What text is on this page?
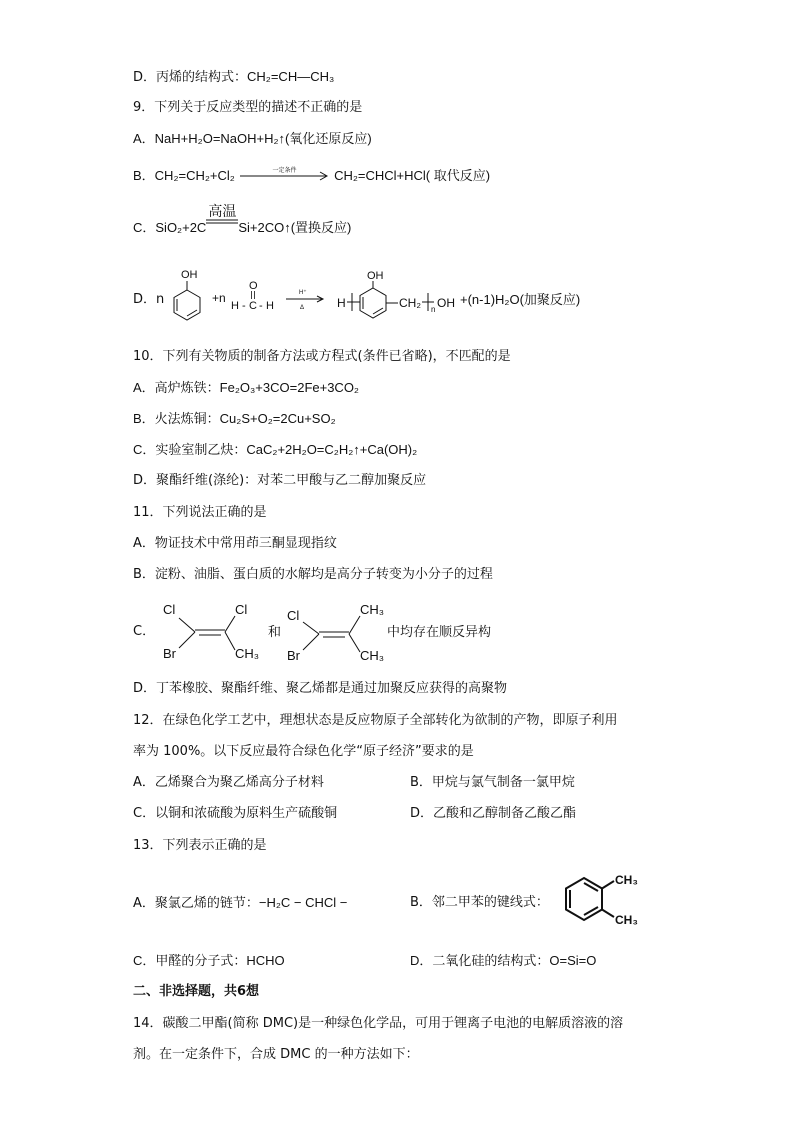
D．丙烯的结构式：CH₂=CH—CH₃
9．下列关于反应类型的描述不正确的是
A．NaH+H₂O=NaOH+H₂↑(氧化还原反应)
B．CH₂=CH₂+Cl₂	一定条件	CH₂=CHCl+HCl( 取代反应)
C．SiO₂+2C
高温
Si+2CO↑(置换反应)
D．n
OH
+n
H - C - H
O
H⁺
Δ	H
OH
CH₂ n OH +(n-1)H₂O(加聚反应)
10．下列有关物质的制备方法或方程式(条件已省略)，不匹配的是
A．高炉炼铁：Fe₂O₃+3CO=2Fe+3CO₂
B．火法炼铜：Cu₂S+O₂=2Cu+SO₂
C．实验室制乙炔：CaC₂+2H₂O=C₂H₂↑+Ca(OH)₂
D．聚酯纤维(涤纶)：对苯二甲酸与乙二醇加聚反应
11．下列说法正确的是
A．物证技术中常用茚三酮显现指纹
B．淀粉、油脂、蛋白质的水解均是高分子转变为小分子的过程
C．
Cl	Cl
Br	CH₃
和
Cl	CH₃
Br	CH₃
中均存在顺反异构
D．丁苯橡胶、聚酯纤维、聚乙烯都是通过加聚反应获得的高聚物
12．在绿色化学工艺中，理想状态是反应物原子全部转化为欲制的产物，即原子利用
率为 100%。以下反应最符合绿色化学“原子经济”要求的是
A．乙烯聚合为聚乙烯高分子材料	B．甲烷与氯气制备一氯甲烷
C．以铜和浓硫酸为原料生产硫酸铜	D．乙酸和乙醇制备乙酸乙酯
13．下列表示正确的是
A．聚氯乙烯的链节：−H₂C − CHCl −	B．邻二甲苯的键线式：
CH₃
CH₃
C．甲醛的分子式：HCHO	D．二氧化硅的结构式：O=Si=O
二、非选择题，共6想
14．碳酸二甲酯(简称 DMC)是一种绿色化学品，可用于锂离子电池的电解质溶液的溶
剂。在一定条件下，合成 DMC 的一种方法如下：
